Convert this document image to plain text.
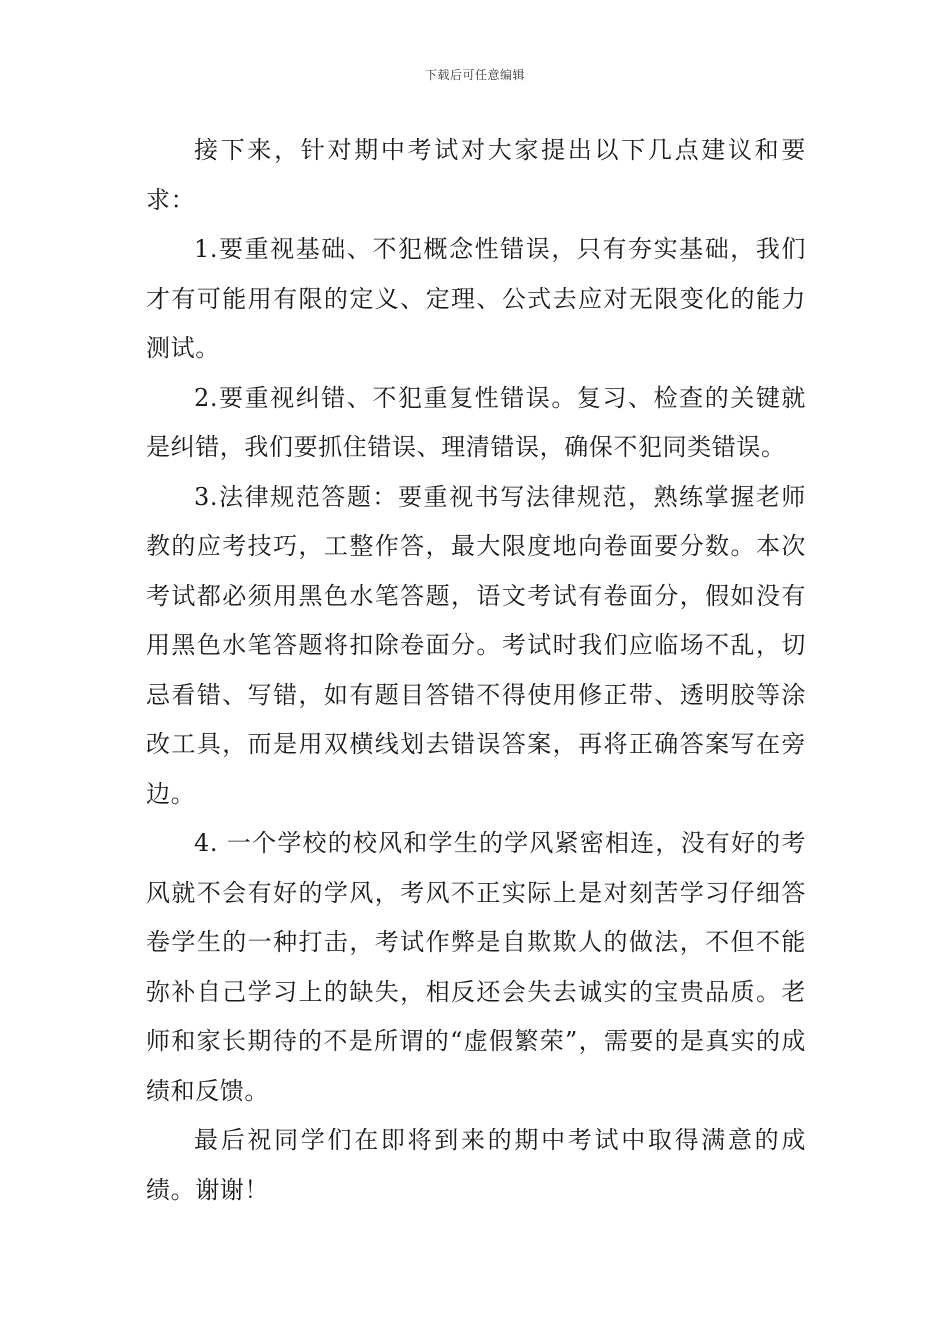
下载后可任意编辑

接下来，针对期中考试对大家提出以下几点建议和要求：

1.要重视基础、不犯概念性错误，只有夯实基础，我们才有可能用有限的定义、定理、公式去应对无限变化的能力测试。

2.要重视纠错、不犯重复性错误。复习、检查的关键就是纠错，我们要抓住错误、理清错误，确保不犯同类错误。

3.法律规范答题：要重视书写法律规范，熟练掌握老师教的应考技巧，工整作答，最大限度地向卷面要分数。本次考试都必须用黑色水笔答题，语文考试有卷面分，假如没有用黑色水笔答题将扣除卷面分。考试时我们应临场不乱，切忌看错、写错，如有题目答错不得使用修正带、透明胶等涂改工具，而是用双横线划去错误答案，再将正确答案写在旁边。

4. 一个学校的校风和学生的学风紧密相连，没有好的考风就不会有好的学风，考风不正实际上是对刻苦学习仔细答卷学生的一种打击，考试作弊是自欺欺人的做法，不但不能弥补自己学习上的缺失，相反还会失去诚实的宝贵品质。老师和家长期待的不是所谓的“虚假繁荣”，需要的是真实的成绩和反馈。

最后祝同学们在即将到来的期中考试中取得满意的成绩。谢谢！
